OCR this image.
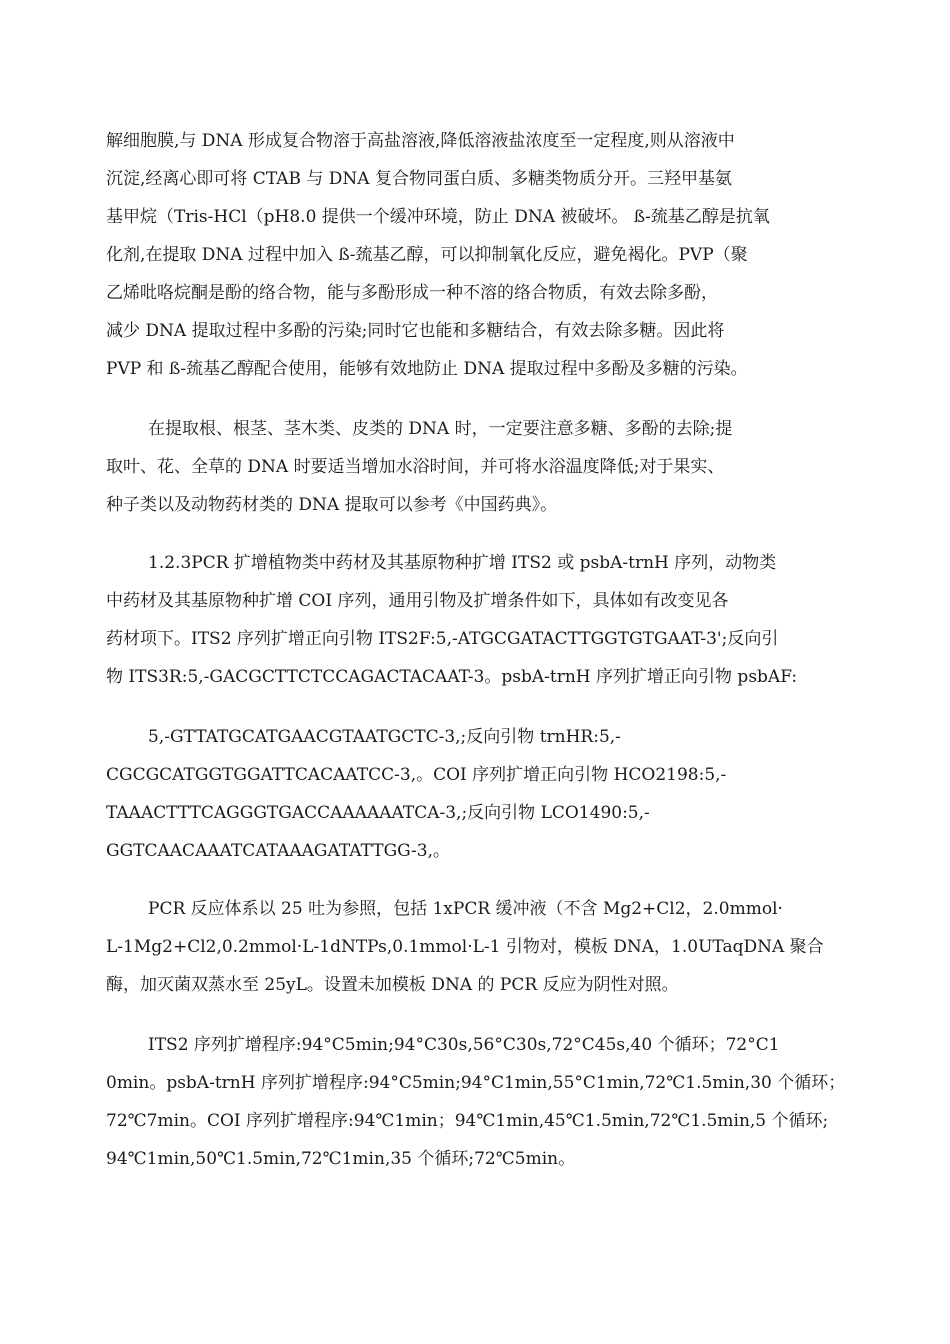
解细胞膜,与 DNA 形成复合物溶于高盐溶液,降低溶液盐浓度至一定程度,则从溶液中
沉淀,经离心即可将 CTAB 与 DNA 复合物同蛋白质、多糖类物质分开。三羟甲基氨
基甲烷（Tris-HCl（pH8.0 提供一个缓冲环境，防止 DNA 被破坏。 ß-巯基乙醇是抗氧
化剂,在提取 DNA 过程中加入 ß-巯基乙醇，可以抑制氧化反应，避免褐化。PVP（聚
乙烯吡咯烷酮是酚的络合物，能与多酚形成一种不溶的络合物质，有效去除多酚，
减少 DNA 提取过程中多酚的污染;同时它也能和多糖结合，有效去除多糖。因此将
PVP 和 ß-巯基乙醇配合使用，能够有效地防止 DNA 提取过程中多酚及多糖的污染。
在提取根、根茎、茎木类、皮类的 DNA 时，一定要注意多糖、多酚的去除;提
取叶、花、全草的 DNA 时要适当增加水浴时间，并可将水浴温度降低;对于果实、
种子类以及动物药材类的 DNA 提取可以参考《中国药典》。
1.2.3PCR 扩增植物类中药材及其基原物种扩增 ITS2 或 psbA-trnH 序列，动物类
中药材及其基原物种扩增 COI 序列，通用引物及扩增条件如下，具体如有改变见各
药材项下。ITS2 序列扩增正向引物 ITS2F:5,-ATGCGATACTTGGTGTGAAT-3';反向引
物 ITS3R:5,-GACGCTTCTCCAGACTACAAT-3。psbA-trnH 序列扩增正向引物 psbAF:
5,-GTTATGCATGAACGTAATGCTC-3,;反向引物 trnHR:5,-
CGCGCATGGTGGATTCACAATCC-3,。COI 序列扩增正向引物 HCO2198:5,-
TAAACTTTCAGGGTGACCAAAAAATCA-3,;反向引物 LCO1490:5,-
GGTCAACAAATCATAAAGATATTGG-3,。
PCR 反应体系以 25 吐为参照，包括 1xPCR 缓冲液（不含 Mg2+Cl2，2.0mmol·
L-1Mg2+Cl2,0.2mmol·L-1dNTPs,0.1mmol·L-1 引物对，模板 DNA，1.0UTaqDNA 聚合
酶，加灭菌双蒸水至 25yL。设置未加模板 DNA 的 PCR 反应为阴性对照。
ITS2 序列扩增程序:94°C5min;94°C30s,56°C30s,72°C45s,40 个循环；72°C1
0min。psbA-trnH 序列扩增程序:94°C5min;94°C1min,55°C1min,72℃1.5min,30 个循环；
72℃7min。COI 序列扩增程序:94℃1min；94℃1min,45℃1.5min,72℃1.5min,5 个循环;
94℃1min,50℃1.5min,72℃1min,35 个循环;72℃5min。
